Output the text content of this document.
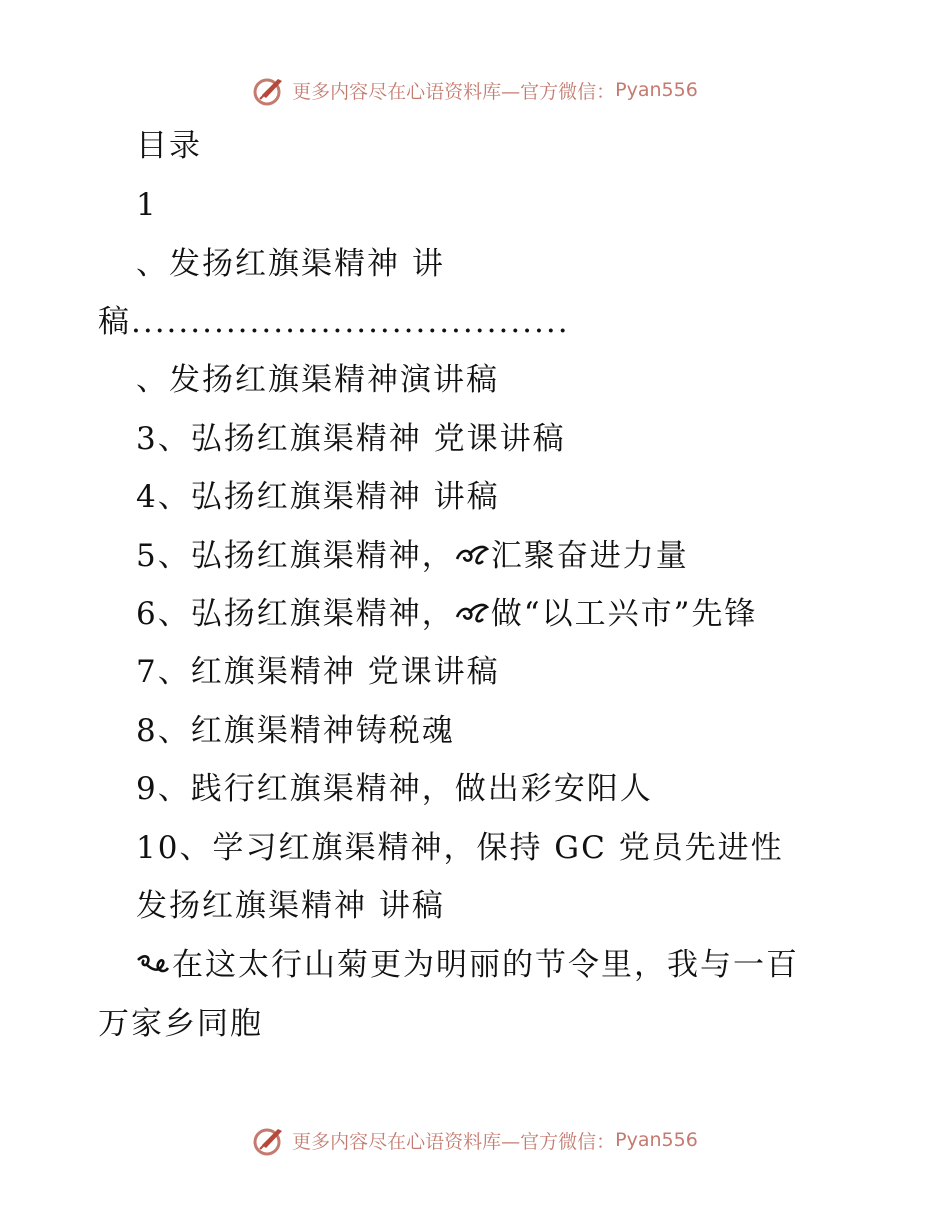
更多内容尽在心语资料库—官方微信： Pyan556
目录
1
、发扬红旗渠精神 讲
稿.....................................
、发扬红旗渠精神演讲稿
3、弘扬红旗渠精神 党课讲稿
4、弘扬红旗渠精神 讲稿
5、弘扬红旗渠精神， 汇聚奋进力量
6、弘扬红旗渠精神， 做“以工兴市”先锋
7、红旗渠精神 党课讲稿
8、红旗渠精神铸税魂
9、践行红旗渠精神，做出彩安阳人
10、学习红旗渠精神，保持 GC 党员先进性
发扬红旗渠精神 讲稿
在这太行山菊更为明丽的节令里，我与一百
万家乡同胞
更多内容尽在心语资料库—官方微信： Pyan556
